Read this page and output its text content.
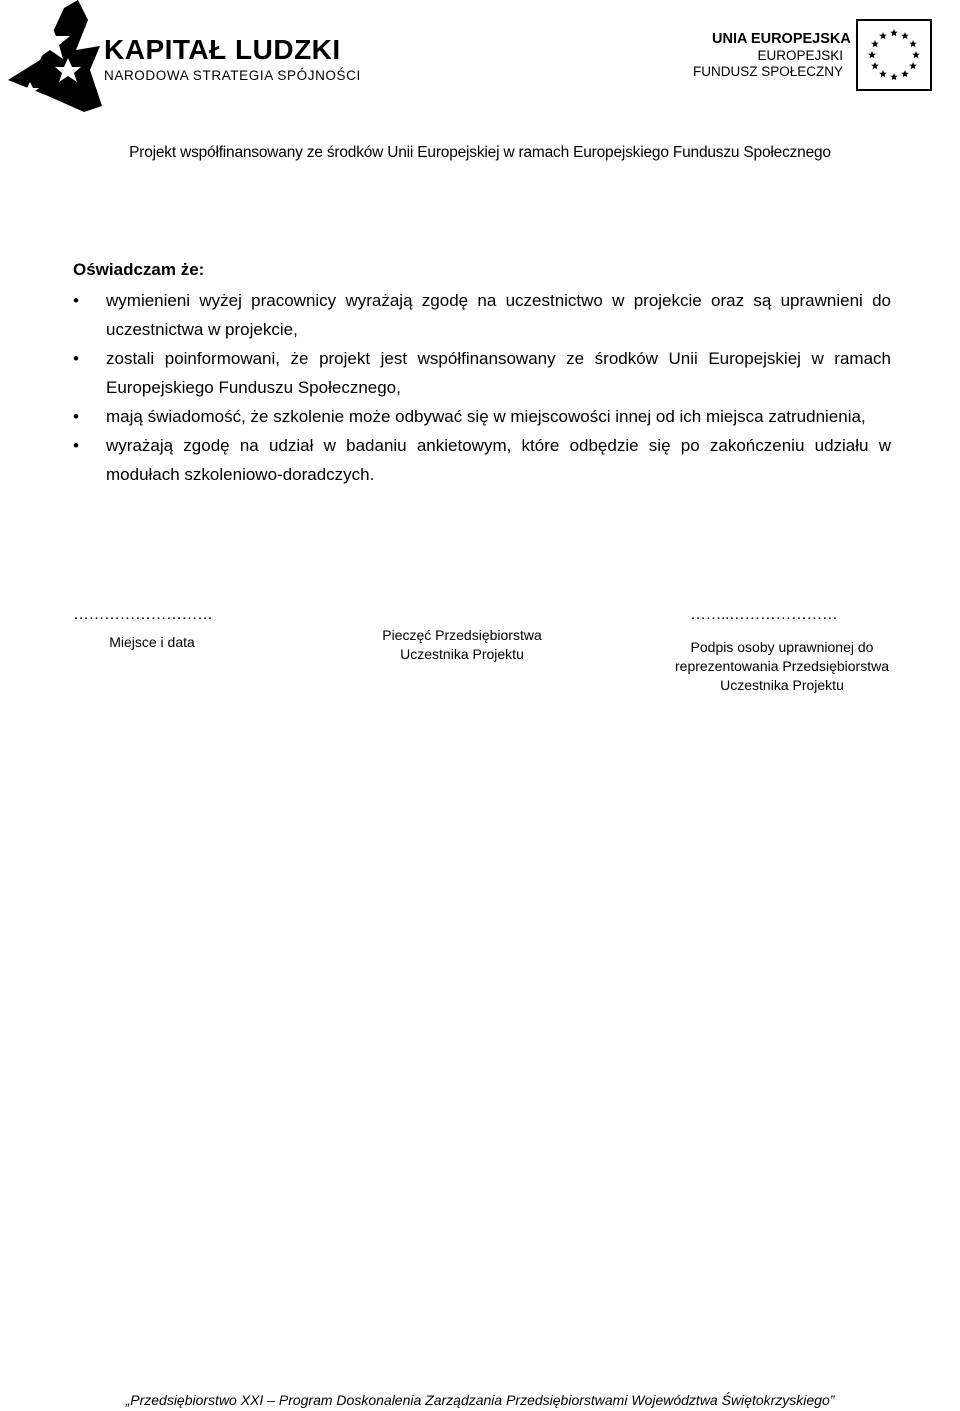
KAPITAŁ LUDZKI
NARODOWA STRATEGIA SPÓJNOŚCI
UNIA EUROPEJSKA
EUROPEJSKI
FUNDUSZ SPOŁECZNY
Projekt współfinansowany ze środków Unii Europejskiej w ramach Europejskiego Funduszu Społecznego
Oświadczam że:
• wymienieni wyżej pracownicy wyrażają zgodę na uczestnictwo w projekcie oraz są uprawnieni do uczestnictwa w projekcie,
• zostali poinformowani, że projekt jest współfinansowany ze środków Unii Europejskiej w ramach Europejskiego Funduszu Społecznego,
• mają świadomość, że szkolenie może odbywać się w miejscowości innej od ich miejsca zatrudnienia,
• wyrażają zgodę na udział w badaniu ankietowym, które odbędzie się po zakończeniu udziału w modułach szkoleniowo-doradczych.
………………………
Miejsce i data	Pieczęć Przedsiębiorstwa
Uczestnika Projektu
……..…………………
Podpis osoby uprawnionej do
reprezentowania Przedsiębiorstwa
Uczestnika Projektu
„Przedsiębiorstwo XXI – Program Doskonalenia Zarządzania Przedsiębiorstwami Województwa Świętokrzyskiego”
